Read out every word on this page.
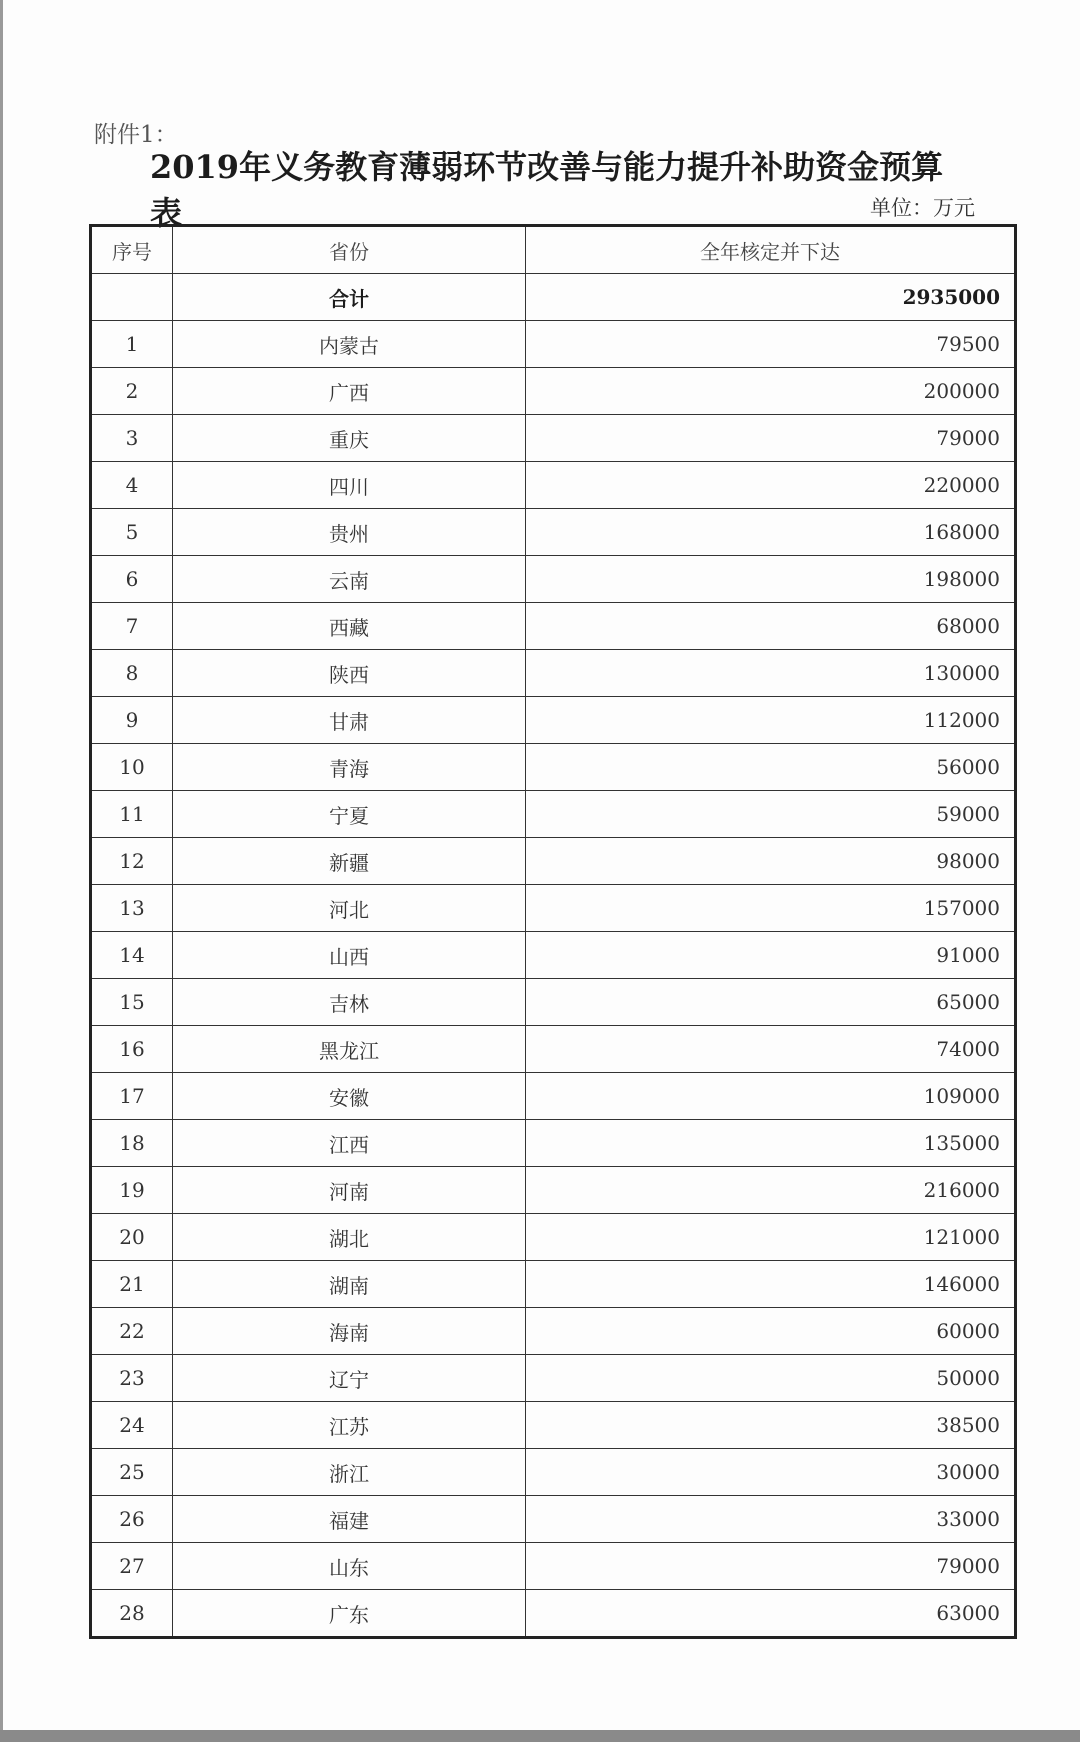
附件1：
2019年义务教育薄弱环节改善与能力提升补助资金预算表	单位：万元
序号	省份	全年核定并下达
	合计	2935000
1	内蒙古	79500
2	广西	200000
3	重庆	79000
4	四川	220000
5	贵州	168000
6	云南	198000
7	西藏	68000
8	陕西	130000
9	甘肃	112000
10	青海	56000
11	宁夏	59000
12	新疆	98000
13	河北	157000
14	山西	91000
15	吉林	65000
16	黑龙江	74000
17	安徽	109000
18	江西	135000
19	河南	216000
20	湖北	121000
21	湖南	146000
22	海南	60000
23	辽宁	50000
24	江苏	38500
25	浙江	30000
26	福建	33000
27	山东	79000
28	广东	63000
